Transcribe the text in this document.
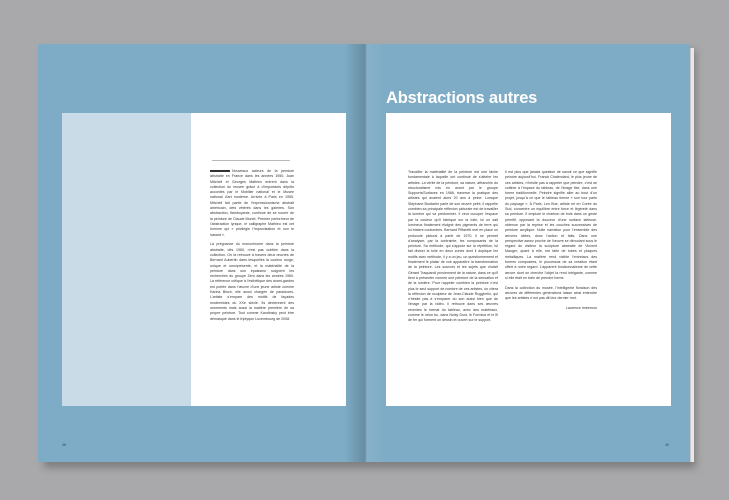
Nouveaux acteurs de la peinture abstraite en France dans les années 1950, Joan Mitchell et Georges Mathieu entrent dans la collection du musée grâce à d’importants dépôts accordés par le Mobilier national et le Musée national d’art moderne. Arrivée à Paris en 1955, Mitchell fait partie de l’expressionnisme abstrait américain, dets vétérés dans les galeries. Son abstraction, flamboyante, continue de se nourrir de la peinture de Claude Monet. Premier performeur de l’abstraction lyrique, le calligraphe Mathieu est cet homme qui « privilégie l’improvisation et non le hasard ».

La prégnance du monochrome dans la peinture abstraite, dès 1960, n’est pas oubliée dans la collection. On la retrouve à travers deux œuvres de Bernard Aubertin dans lesquelles la couleur rouge, unique et omniprésente, et la matérialité de la peinture dans son épaisseur soignent les recherches du groupe Zéro dans les années 1960. La référence critique à l’esthétique des avant-gardes est portée dans l’œuvre d’une jeune artiste comme Karina Bisch, elle aussi chargée de paradoxes. L’artiste s’empare des motifs de façades modernistes du XXe siècle. Ils deviennent des ornements mais aussi la matière première de sa propre peinture. Tout comme Kandinsky peut être démasqué dans le triptyque Luxembourg de 2008.

48
Abstractions autres

Travailler la matérialité de la peinture est une tâche fondamentale à laquelle ont continué de s’atteler les artistes. La vérité de la peinture, sa nature, affranchie du structuralisme mis en avant par le groupe Supports/Surfaces en 1966, traverse la pratique des artistes qui avaient alors 20 ans à peine. Lorsque Stéphane Bordarier parle de son œuvre peint, il rappelle combien sa principale réflexion picturale est de travailler la lumière qui va prédominer. Il veut occuper l’espace par la couleur qu’il fabrique sur la toile, lui un sait lumineux finalement éloigné des pigments de terre qui lui étaient coutumiers. Bernard Piffaretti met en place un protocole pictural à partir de 1970. Il se permet d’analyser, par la contrainte, les composants de la peinture. Sa méthode, qui s’appuie sur la répétition, lui fait diviser la toile en deux zones dont il duplique les motifs avec méthode, il y a un jeu, un questionnement et finalement le plaisir de voir apparaître la transformation de la peinture. Les sources et les sujets que choisit Gérard Traquandi proviennent de la nature, dans ce qu’il tient à présenter comme une peinture de la sensation et de la lumière. Pour rappeler combien la peinture n’est plus le seul support de nombre de ces artistes, on citera la réflexion de sculpteur de Jean-Claude Ruggirello, qui n’hésite pas à s’emparer du son aussi bien que de l’image par la vidéo. Il retrouve dans ses œuvres récentes le format du tableau, avec des matériaux, comme le néon bu, dans Noisy Dust, le Formica et le fil de fer qui forment un dessin et ouvert sur le support.

Il est plus que jamais question de savoir ce que signifie peindre aujourd’hui. Franck Chalendard, le plus jeune de ces artistes, n’hésite pas à rappeler que peindre, c’est se coltiner à l’espace du tableau, de l’image fixe, dans une forme traditionnelle. Peindre signifie aller au bout d’un projet, jusqu’à ce que le tableau tienne « son tour parle du paysage ». À Paris, Leo Bue, artiste né en Corée du Sud, concentre un équilibre entre force et légèreté dans sa peinture. Il emploie le charbon de bois dans un geste primitif, opposant la douceur d’une surface laiteuse, obtenue par la reprise et les couches successives de peinture acrylique. Nulle narration pour l’ensemble des œuvres citées, donc l’action et faits. Dans une perspective assez proche de l’œuvre se déroulant sous le regard du visiteur la sculpture abstraite de Vincent Mauger, quant à elle, est faite de tubes et plaques métalliques. La matière rend visible l’entrelacs des formes composées, le processus de sa création étant offert à notre regard. L’apparent fonctionnalisme de cette œuvre dont on cherche l’objet la rend intrigante, comme si elle était en train de prendre forme.

Dans la collection du musée, l’intelligente floraison des œuvres de différentes générations laisse ainsi entendre que les artistes n’ont pas dit leur dernier mot.

Laurence Imbernon
49
